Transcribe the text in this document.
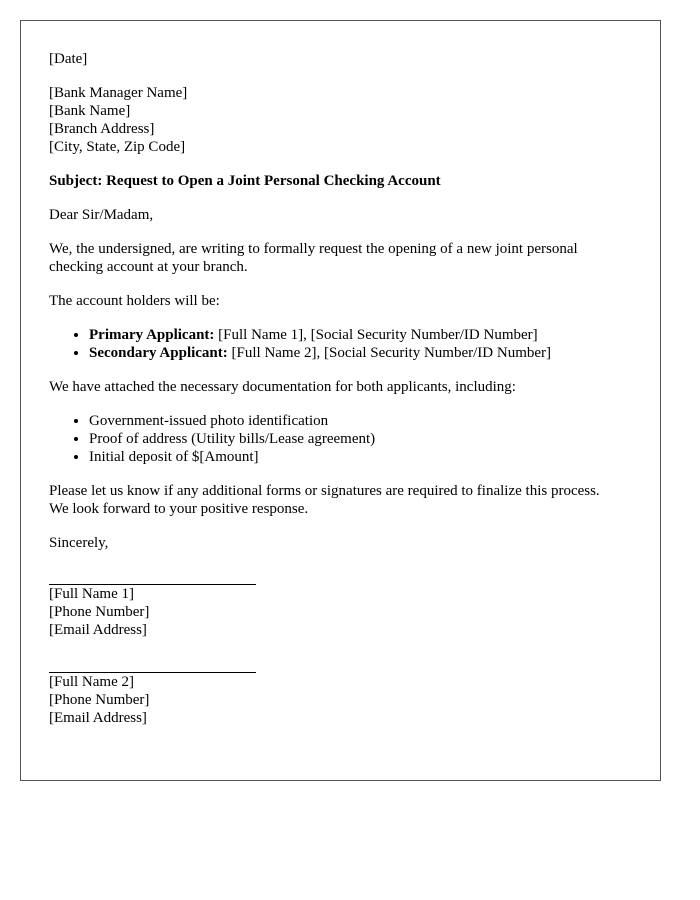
[Date]

[Bank Manager Name]

[Bank Name]

[Branch Address]

[City, State, Zip Code]

Subject: Request to Open a Joint Personal Checking Account

Dear Sir/Madam,

We, the undersigned, are writing to formally request the opening of a new joint personal checking account at your branch.

The account holders will be:

• Primary Applicant: [Full Name 1], [Social Security Number/ID Number]
• Secondary Applicant: [Full Name 2], [Social Security Number/ID Number]

We have attached the necessary documentation for both applicants, including:

• Government-issued photo identification
• Proof of address (Utility bills/Lease agreement)
• Initial deposit of $[Amount]

Please let us know if any additional forms or signatures are required to finalize this process. We look forward to your positive response.

Sincerely,

[Full Name 1]

[Phone Number]

[Email Address]

[Full Name 2]

[Phone Number]

[Email Address]
